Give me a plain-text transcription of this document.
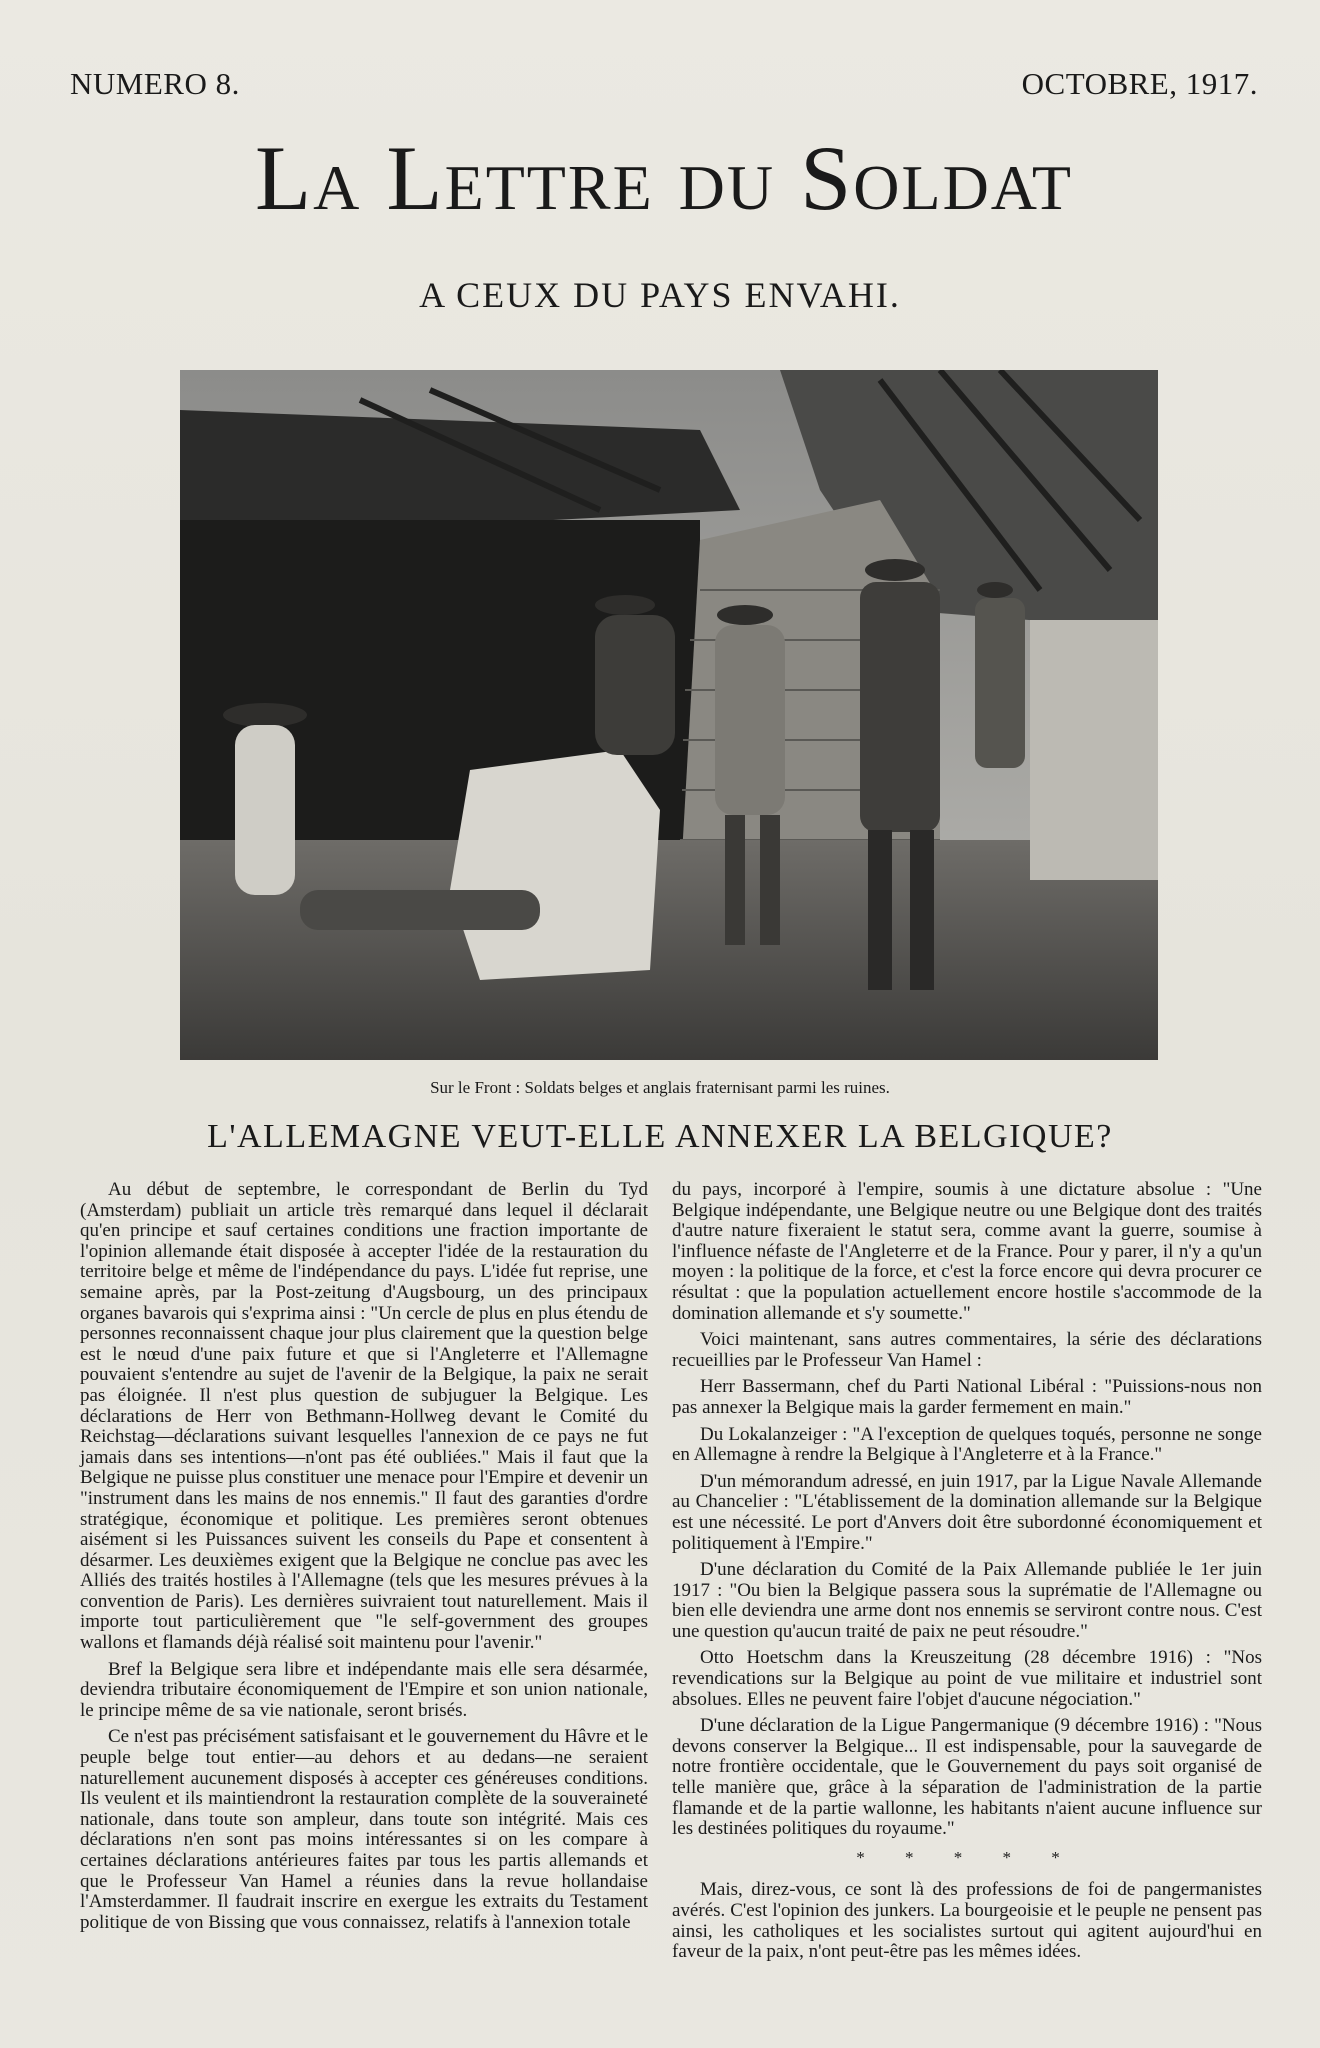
NUMERO 8.	OCTOBRE, 1917.
La Lettre du Soldat
A CEUX DU PAYS ENVAHI.
Sur le Front : Soldats belges et anglais fraternisant parmi les ruines.
L'ALLEMAGNE VEUT-ELLE ANNEXER LA BELGIQUE?

Au début de septembre, le correspondant de Berlin du Tyd (Amsterdam) publiait un article très remarqué dans lequel il déclarait qu'en principe et sauf certaines conditions une fraction importante de l'opinion allemande était disposée à accepter l'idée de la restauration du territoire belge et même de l'indépendance du pays. L'idée fut reprise, une semaine après, par la Post-zeitung d'Augsbourg, un des principaux organes bavarois qui s'exprima ainsi : "Un cercle de plus en plus étendu de personnes reconnaissent chaque jour plus clairement que la question belge est le nœud d'une paix future et que si l'Angleterre et l'Allemagne pouvaient s'entendre au sujet de l'avenir de la Belgique, la paix ne serait pas éloignée. Il n'est plus question de subjuguer la Belgique. Les déclarations de Herr von Bethmann-Hollweg devant le Comité du Reichstag—déclarations suivant lesquelles l'annexion de ce pays ne fut jamais dans ses intentions—n'ont pas été oubliées." Mais il faut que la Belgique ne puisse plus constituer une menace pour l'Empire et devenir un "instrument dans les mains de nos ennemis." Il faut des garanties d'ordre stratégique, économique et politique. Les premières seront obtenues aisément si les Puissances suivent les conseils du Pape et consentent à désarmer. Les deuxièmes exigent que la Belgique ne conclue pas avec les Alliés des traités hostiles à l'Allemagne (tels que les mesures prévues à la convention de Paris). Les dernières suivraient tout naturellement. Mais il importe tout particulièrement que "le self-government des groupes wallons et flamands déjà réalisé soit maintenu pour l'avenir."

Bref la Belgique sera libre et indépendante mais elle sera désarmée, deviendra tributaire économiquement de l'Empire et son union nationale, le principe même de sa vie nationale, seront brisés.

Ce n'est pas précisément satisfaisant et le gouvernement du Hâvre et le peuple belge tout entier—au dehors et au dedans—ne seraient naturellement aucunement disposés à accepter ces généreuses conditions. Ils veulent et ils maintiendront la restauration complète de la souveraineté nationale, dans toute son ampleur, dans toute son intégrité. Mais ces déclarations n'en sont pas moins intéressantes si on les compare à certaines déclarations antérieures faites par tous les partis allemands et que le Professeur Van Hamel a réunies dans la revue hollandaise l'Amsterdammer. Il faudrait inscrire en exergue les extraits du Testament politique de von Bissing que vous connaissez, relatifs à l'annexion totale

du pays, incorporé à l'empire, soumis à une dictature absolue : "Une Belgique indépendante, une Belgique neutre ou une Belgique dont des traités d'autre nature fixeraient le statut sera, comme avant la guerre, soumise à l'influence néfaste de l'Angleterre et de la France. Pour y parer, il n'y a qu'un moyen : la politique de la force, et c'est la force encore qui devra procurer ce résultat : que la population actuellement encore hostile s'accommode de la domination allemande et s'y soumette."

Voici maintenant, sans autres commentaires, la série des déclarations recueillies par le Professeur Van Hamel :

Herr Bassermann, chef du Parti National Libéral : "Puissions-nous non pas annexer la Belgique mais la garder fermement en main."

Du Lokalanzeiger : "A l'exception de quelques toqués, personne ne songe en Allemagne à rendre la Belgique à l'Angleterre et à la France."

D'un mémorandum adressé, en juin 1917, par la Ligue Navale Allemande au Chancelier : "L'établissement de la domination allemande sur la Belgique est une nécessité. Le port d'Anvers doit être subordonné économiquement et politiquement à l'Empire."

D'une déclaration du Comité de la Paix Allemande publiée le 1er juin 1917 : "Ou bien la Belgique passera sous la suprématie de l'Allemagne ou bien elle deviendra une arme dont nos ennemis se serviront contre nous. C'est une question qu'aucun traité de paix ne peut résoudre."

Otto Hoetschm dans la Kreuszeitung (28 décembre 1916) : "Nos revendications sur la Belgique au point de vue militaire et industriel sont absolues. Elles ne peuvent faire l'objet d'aucune négociation."

D'une déclaration de la Ligue Pangermanique (9 décembre 1916) : "Nous devons conserver la Belgique... Il est indispensable, pour la sauvegarde de notre frontière occidentale, que le Gouvernement du pays soit organisé de telle manière que, grâce à la séparation de l'administration de la partie flamande et de la partie wallonne, les habitants n'aient aucune influence sur les destinées politiques du royaume."

* * * * *

Mais, direz-vous, ce sont là des professions de foi de pangermanistes avérés. C'est l'opinion des junkers. La bourgeoisie et le peuple ne pensent pas ainsi, les catholiques et les socialistes surtout qui agitent aujourd'hui en faveur de la paix, n'ont peut-être pas les mêmes idées.
